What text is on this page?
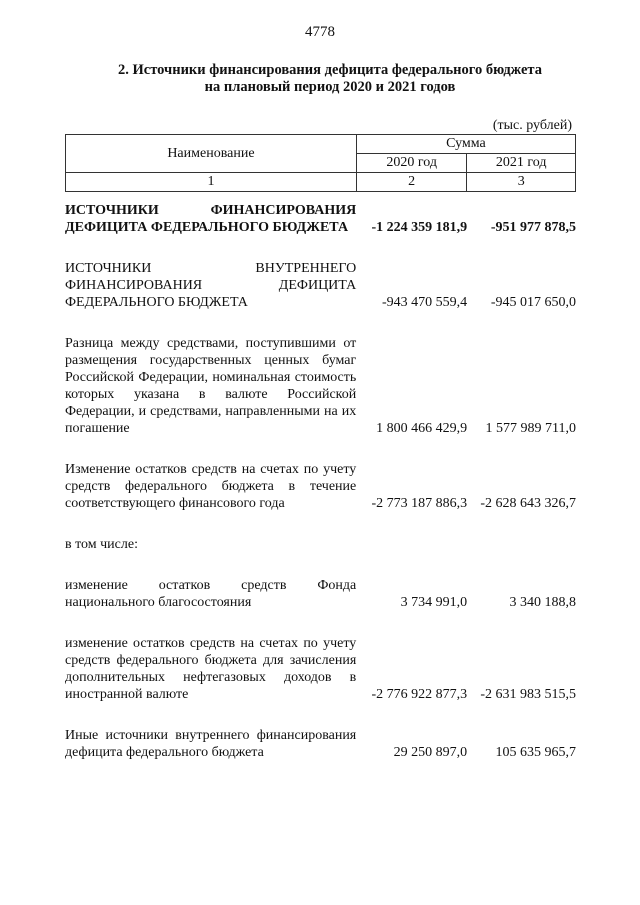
4778
2. Источники финансирования дефицита федерального бюджета
на плановый период 2020 и 2021 годов
(тыс. рублей)
Наименование	Сумма	
	2020 год	2021 год
1	2	3
ИСТОЧНИКИ ФИНАНСИРОВАНИЯ ДЕФИЦИТА ФЕДЕРАЛЬНОГО БЮДЖЕТА	-1 224 359 181,9	-951 977 878,5

ИСТОЧНИКИ ВНУТРЕННЕГО ФИНАНСИРОВАНИЯ ДЕФИЦИТА ФЕДЕРАЛЬНОГО БЮДЖЕТА	-943 470 559,4	-945 017 650,0

Разница между средствами, поступившими от размещения государственных ценных бумаг Российской Федерации, номинальная стоимость которых указана в валюте Российской Федерации, и средствами, направленными на их погашение	1 800 466 429,9	1 577 989 711,0

Изменение остатков средств на счетах по учету средств федерального бюджета в течение соответствующего финансового года	-2 773 187 886,3	-2 628 643 326,7

в том числе:		

изменение остатков средств Фонда национального благосостояния	3 734 991,0	3 340 188,8

изменение остатков средств на счетах по учету средств федерального бюджета для зачисления дополнительных нефтегазовых доходов в иностранной валюте	-2 776 922 877,3	-2 631 983 515,5

Иные источники внутреннего финансирования дефицита федерального бюджета	29 250 897,0	105 635 965,7
